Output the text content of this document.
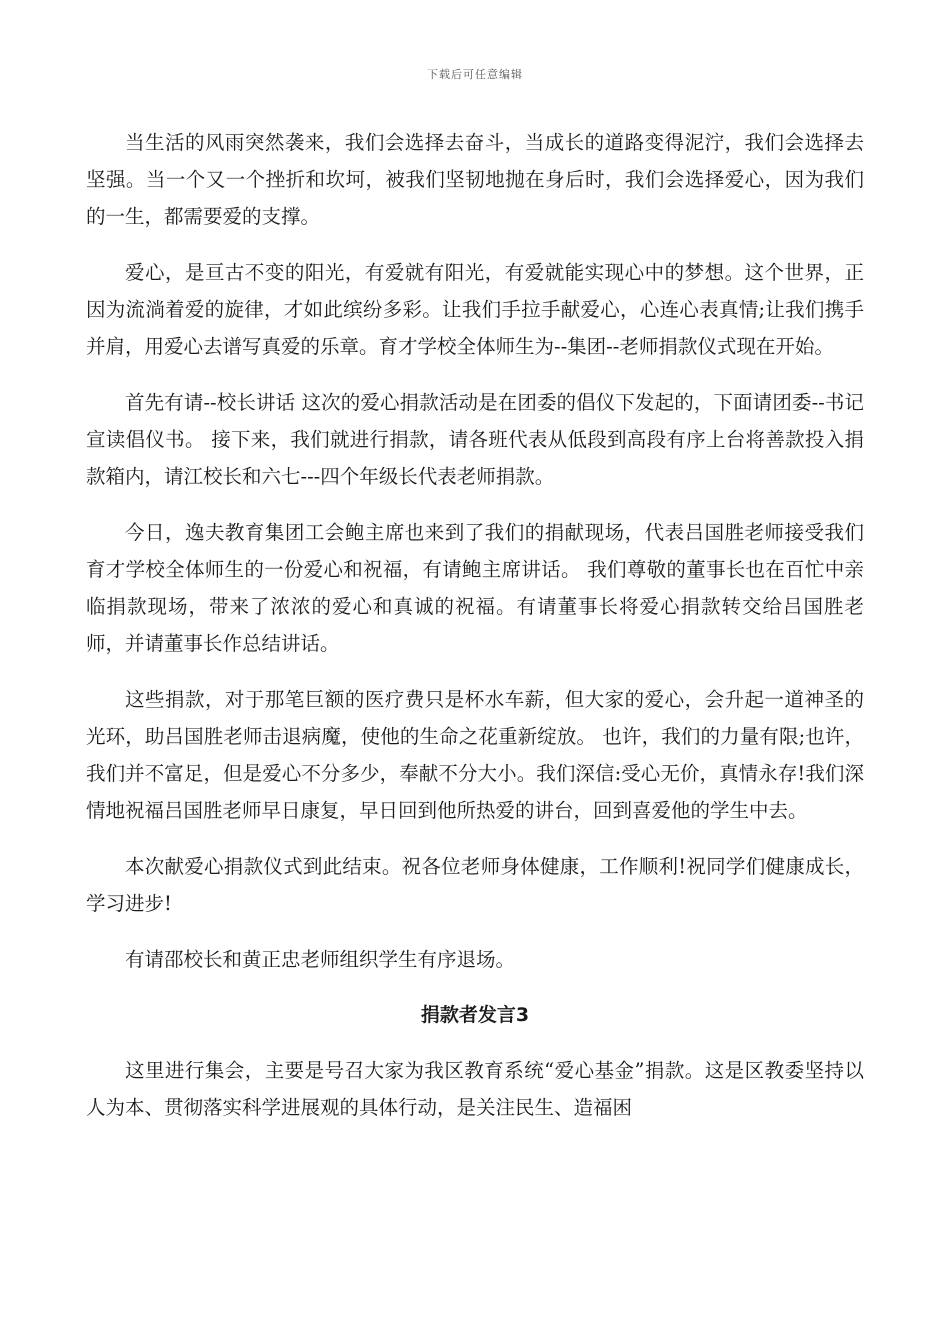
下载后可任意编辑

当生活的风雨突然袭来，我们会选择去奋斗，当成长的道路变得泥泞，我们会选择去坚强。当一个又一个挫折和坎坷，被我们坚韧地抛在身后时，我们会选择爱心，因为我们的一生，都需要爱的支撑。

爱心，是亘古不变的阳光，有爱就有阳光，有爱就能实现心中的梦想。这个世界，正因为流淌着爱的旋律，才如此缤纷多彩。让我们手拉手献爱心，心连心表真情;让我们携手并肩，用爱心去谱写真爱的乐章。育才学校全体师生为--集团--老师捐款仪式现在开始。

首先有请--校长讲话 这次的爱心捐款活动是在团委的倡仪下发起的，下面请团委--书记宣读倡仪书。 接下来，我们就进行捐款，请各班代表从低段到高段有序上台将善款投入捐款箱内，请江校长和六七---四个年级长代表老师捐款。

今日，逸夫教育集团工会鲍主席也来到了我们的捐献现场，代表吕国胜老师接受我们育才学校全体师生的一份爱心和祝福，有请鲍主席讲话。 我们尊敬的董事长也在百忙中亲临捐款现场，带来了浓浓的爱心和真诚的祝福。有请董事长将爱心捐款转交给吕国胜老师，并请董事长作总结讲话。

这些捐款，对于那笔巨额的医疗费只是杯水车薪，但大家的爱心，会升起一道神圣的光环，助吕国胜老师击退病魔，使他的生命之花重新绽放。 也许，我们的力量有限;也许，我们并不富足，但是爱心不分多少，奉献不分大小。我们深信:受心无价，真情永存!我们深情地祝福吕国胜老师早日康复，早日回到他所热爱的讲台，回到喜爱他的学生中去。

本次献爱心捐款仪式到此结束。祝各位老师身体健康，工作顺利!祝同学们健康成长，学习进步!

有请邵校长和黄正忠老师组织学生有序退场。

捐款者发言3

这里进行集会，主要是号召大家为我区教育系统“爱心基金”捐款。这是区教委坚持以人为本、贯彻落实科学进展观的具体行动，是关注民生、造福困
